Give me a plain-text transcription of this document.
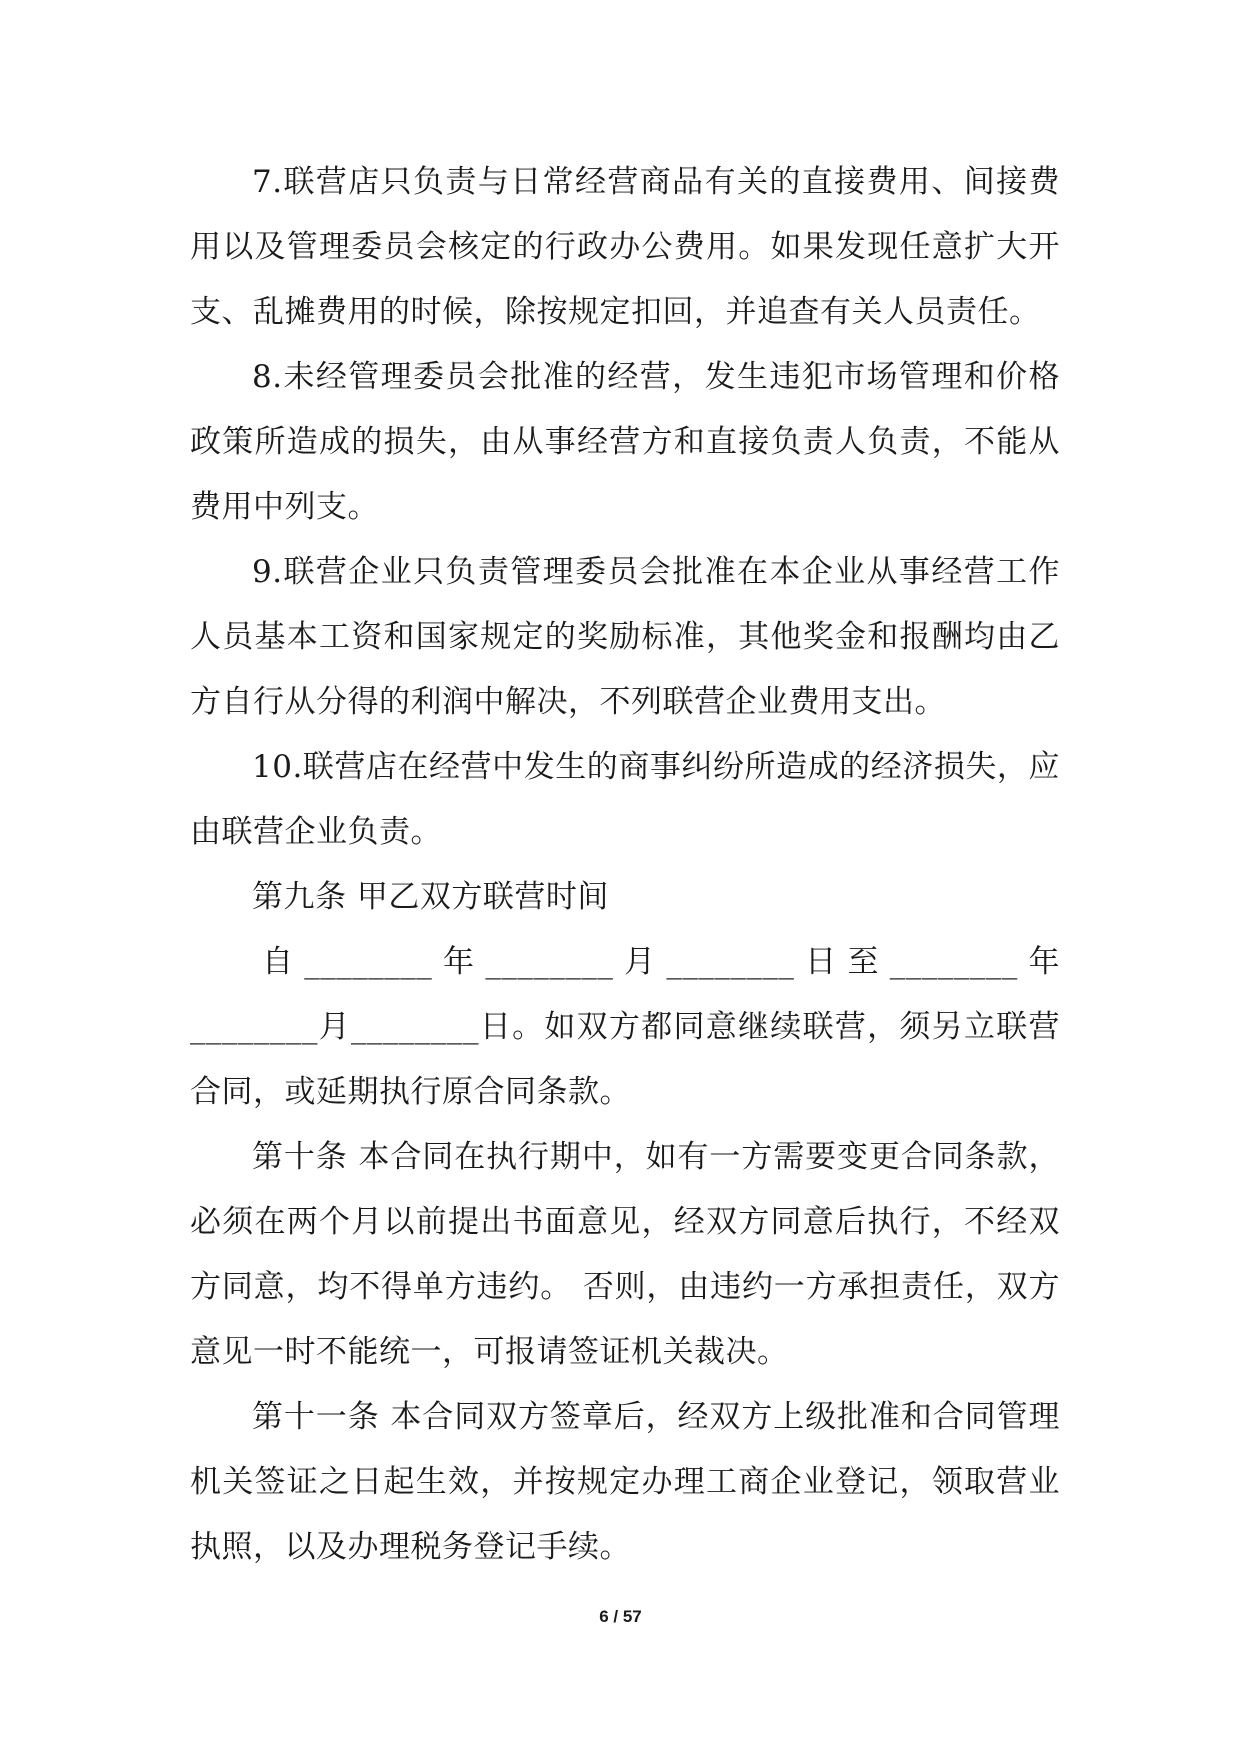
7.联营店只负责与日常经营商品有关的直接费用、间接费用以及管理委员会核定的行政办公费用。如果发现任意扩大开支、乱摊费用的时候，除按规定扣回，并追查有关人员责任。

8.未经管理委员会批准的经营，发生违犯市场管理和价格政策所造成的损失，由从事经营方和直接负责人负责，不能从费用中列支。

9.联营企业只负责管理委员会批准在本企业从事经营工作人员基本工资和国家规定的奖励标准，其他奖金和报酬均由乙方自行从分得的利润中解决，不列联营企业费用支出。

10.联营店在经营中发生的商事纠纷所造成的经济损失，应由联营企业负责。

第九条 甲乙双方联营时间

自________年________月________日至________年________月________日。如双方都同意继续联营，须另立联营合同，或延期执行原合同条款。

第十条 本合同在执行期中，如有一方需要变更合同条款，必须在两个月以前提出书面意见，经双方同意后执行，不经双方同意，均不得单方违约。 否则，由违约一方承担责任，双方意见一时不能统一，可报请签证机关裁决。

第十一条 本合同双方签章后，经双方上级批准和合同管理机关签证之日起生效，并按规定办理工商企业登记，领取营业执照，以及办理税务登记手续。

6 / 57
